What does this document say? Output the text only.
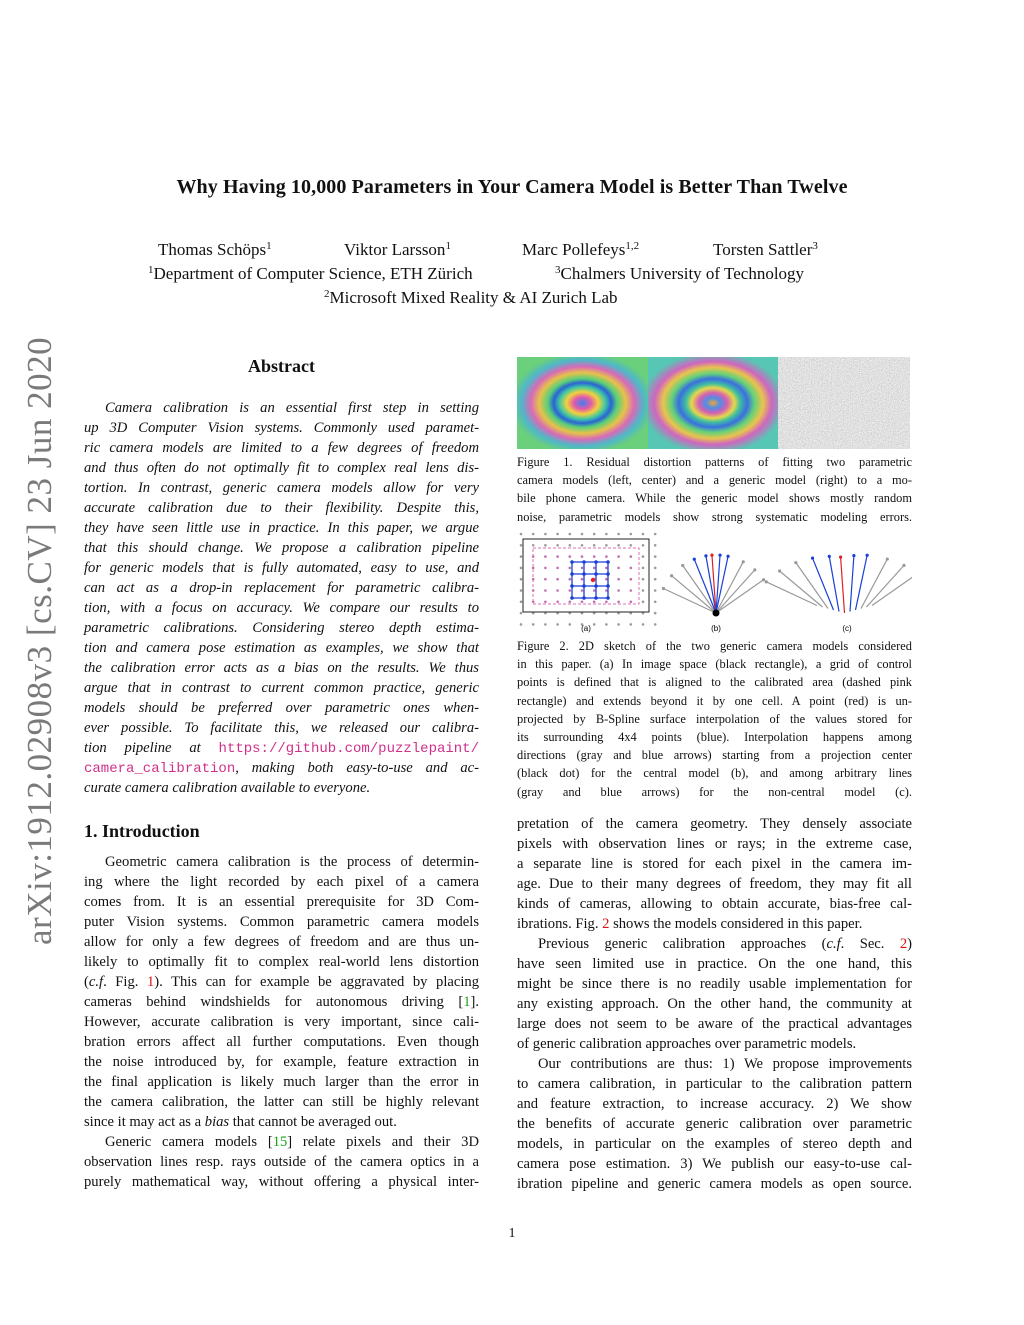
Why Having 10,000 Parameters in Your Camera Model is Better Than Twelve
Thomas Schöps$^1$	Viktor Larsson$^1$	Marc Pollefeys$^{1,2}$	Torsten Sattler$^3$
$^1$Department of Computer Science, ETH Zürich	$^3$Chalmers University of Technology
$^2$Microsoft Mixed Reality & AI Zurich Lab
arXiv:1912.02908v3 [cs.CV] 23 Jun 2020	Abstract
Camera calibration is an essential first step in setting
up 3D Computer Vision systems. Commonly used paramet-
ric camera models are limited to a few degrees of freedom
and thus often do not optimally fit to complex real lens dis-
tortion. In contrast, generic camera models allow for very
accurate calibration due to their flexibility. Despite this,
they have seen little use in practice. In this paper, we argue
that this should change. We propose a calibration pipeline
for generic models that is fully automated, easy to use, and
can act as a drop-in replacement for parametric calibra-
tion, with a focus on accuracy. We compare our results to
parametric calibrations. Considering stereo depth estima-
tion and camera pose estimation as examples, we show that
the calibration error acts as a bias on the results. We thus
argue that in contrast to current common practice, generic
models should be preferred over parametric ones when-
ever possible. To facilitate this, we released our calibra-
tion pipeline at https://github.com/puzzlepaint/
camera_calibration, making both easy-to-use and ac-
curate camera calibration available to everyone.
1. Introduction
Geometric camera calibration is the process of determin-
ing where the light recorded by each pixel of a camera
comes from. It is an essential prerequisite for 3D Com-
puter Vision systems. Common parametric camera models
allow for only a few degrees of freedom and are thus un-
likely to optimally fit to complex real-world lens distortion
(c.f. Fig. 1). This can for example be aggravated by placing
cameras behind windshields for autonomous driving [1].
However, accurate calibration is very important, since cali-
bration errors affect all further computations. Even though
the noise introduced by, for example, feature extraction in
the final application is likely much larger than the error in
the camera calibration, the latter can still be highly relevant
since it may act as a bias that cannot be averaged out.
Generic camera models [15] relate pixels and their 3D
observation lines resp. rays outside of the camera optics in a
purely mathematical way, without offering a physical inter-
Figure 1. Residual distortion patterns of fitting two parametric
camera models (left, center) and a generic model (right) to a mo-
bile phone camera. While the generic model shows mostly random
noise, parametric models show strong systematic modeling errors.
(a)	(b)	(c)
Figure 2. 2D sketch of the two generic camera models considered
in this paper. (a) In image space (black rectangle), a grid of control
points is defined that is aligned to the calibrated area (dashed pink
rectangle) and extends beyond it by one cell. A point (red) is un-
projected by B-Spline surface interpolation of the values stored for
its surrounding 4x4 points (blue). Interpolation happens among
directions (gray and blue arrows) starting from a projection center
(black dot) for the central model (b), and among arbitrary lines
(gray and blue arrows) for the non-central model (c).
pretation of the camera geometry. They densely associate
pixels with observation lines or rays; in the extreme case,
a separate line is stored for each pixel in the camera im-
age. Due to their many degrees of freedom, they may fit all
kinds of cameras, allowing to obtain accurate, bias-free cal-
ibrations. Fig. 2 shows the models considered in this paper.
Previous generic calibration approaches (c.f. Sec. 2)
have seen limited use in practice. On the one hand, this
might be since there is no readily usable implementation for
any existing approach. On the other hand, the community at
large does not seem to be aware of the practical advantages
of generic calibration approaches over parametric models.
Our contributions are thus: 1) We propose improvements
to camera calibration, in particular to the calibration pattern
and feature extraction, to increase accuracy. 2) We show
the benefits of accurate generic calibration over parametric
models, in particular on the examples of stereo depth and
camera pose estimation. 3) We publish our easy-to-use cal-
ibration pipeline and generic camera models as open source.
1
